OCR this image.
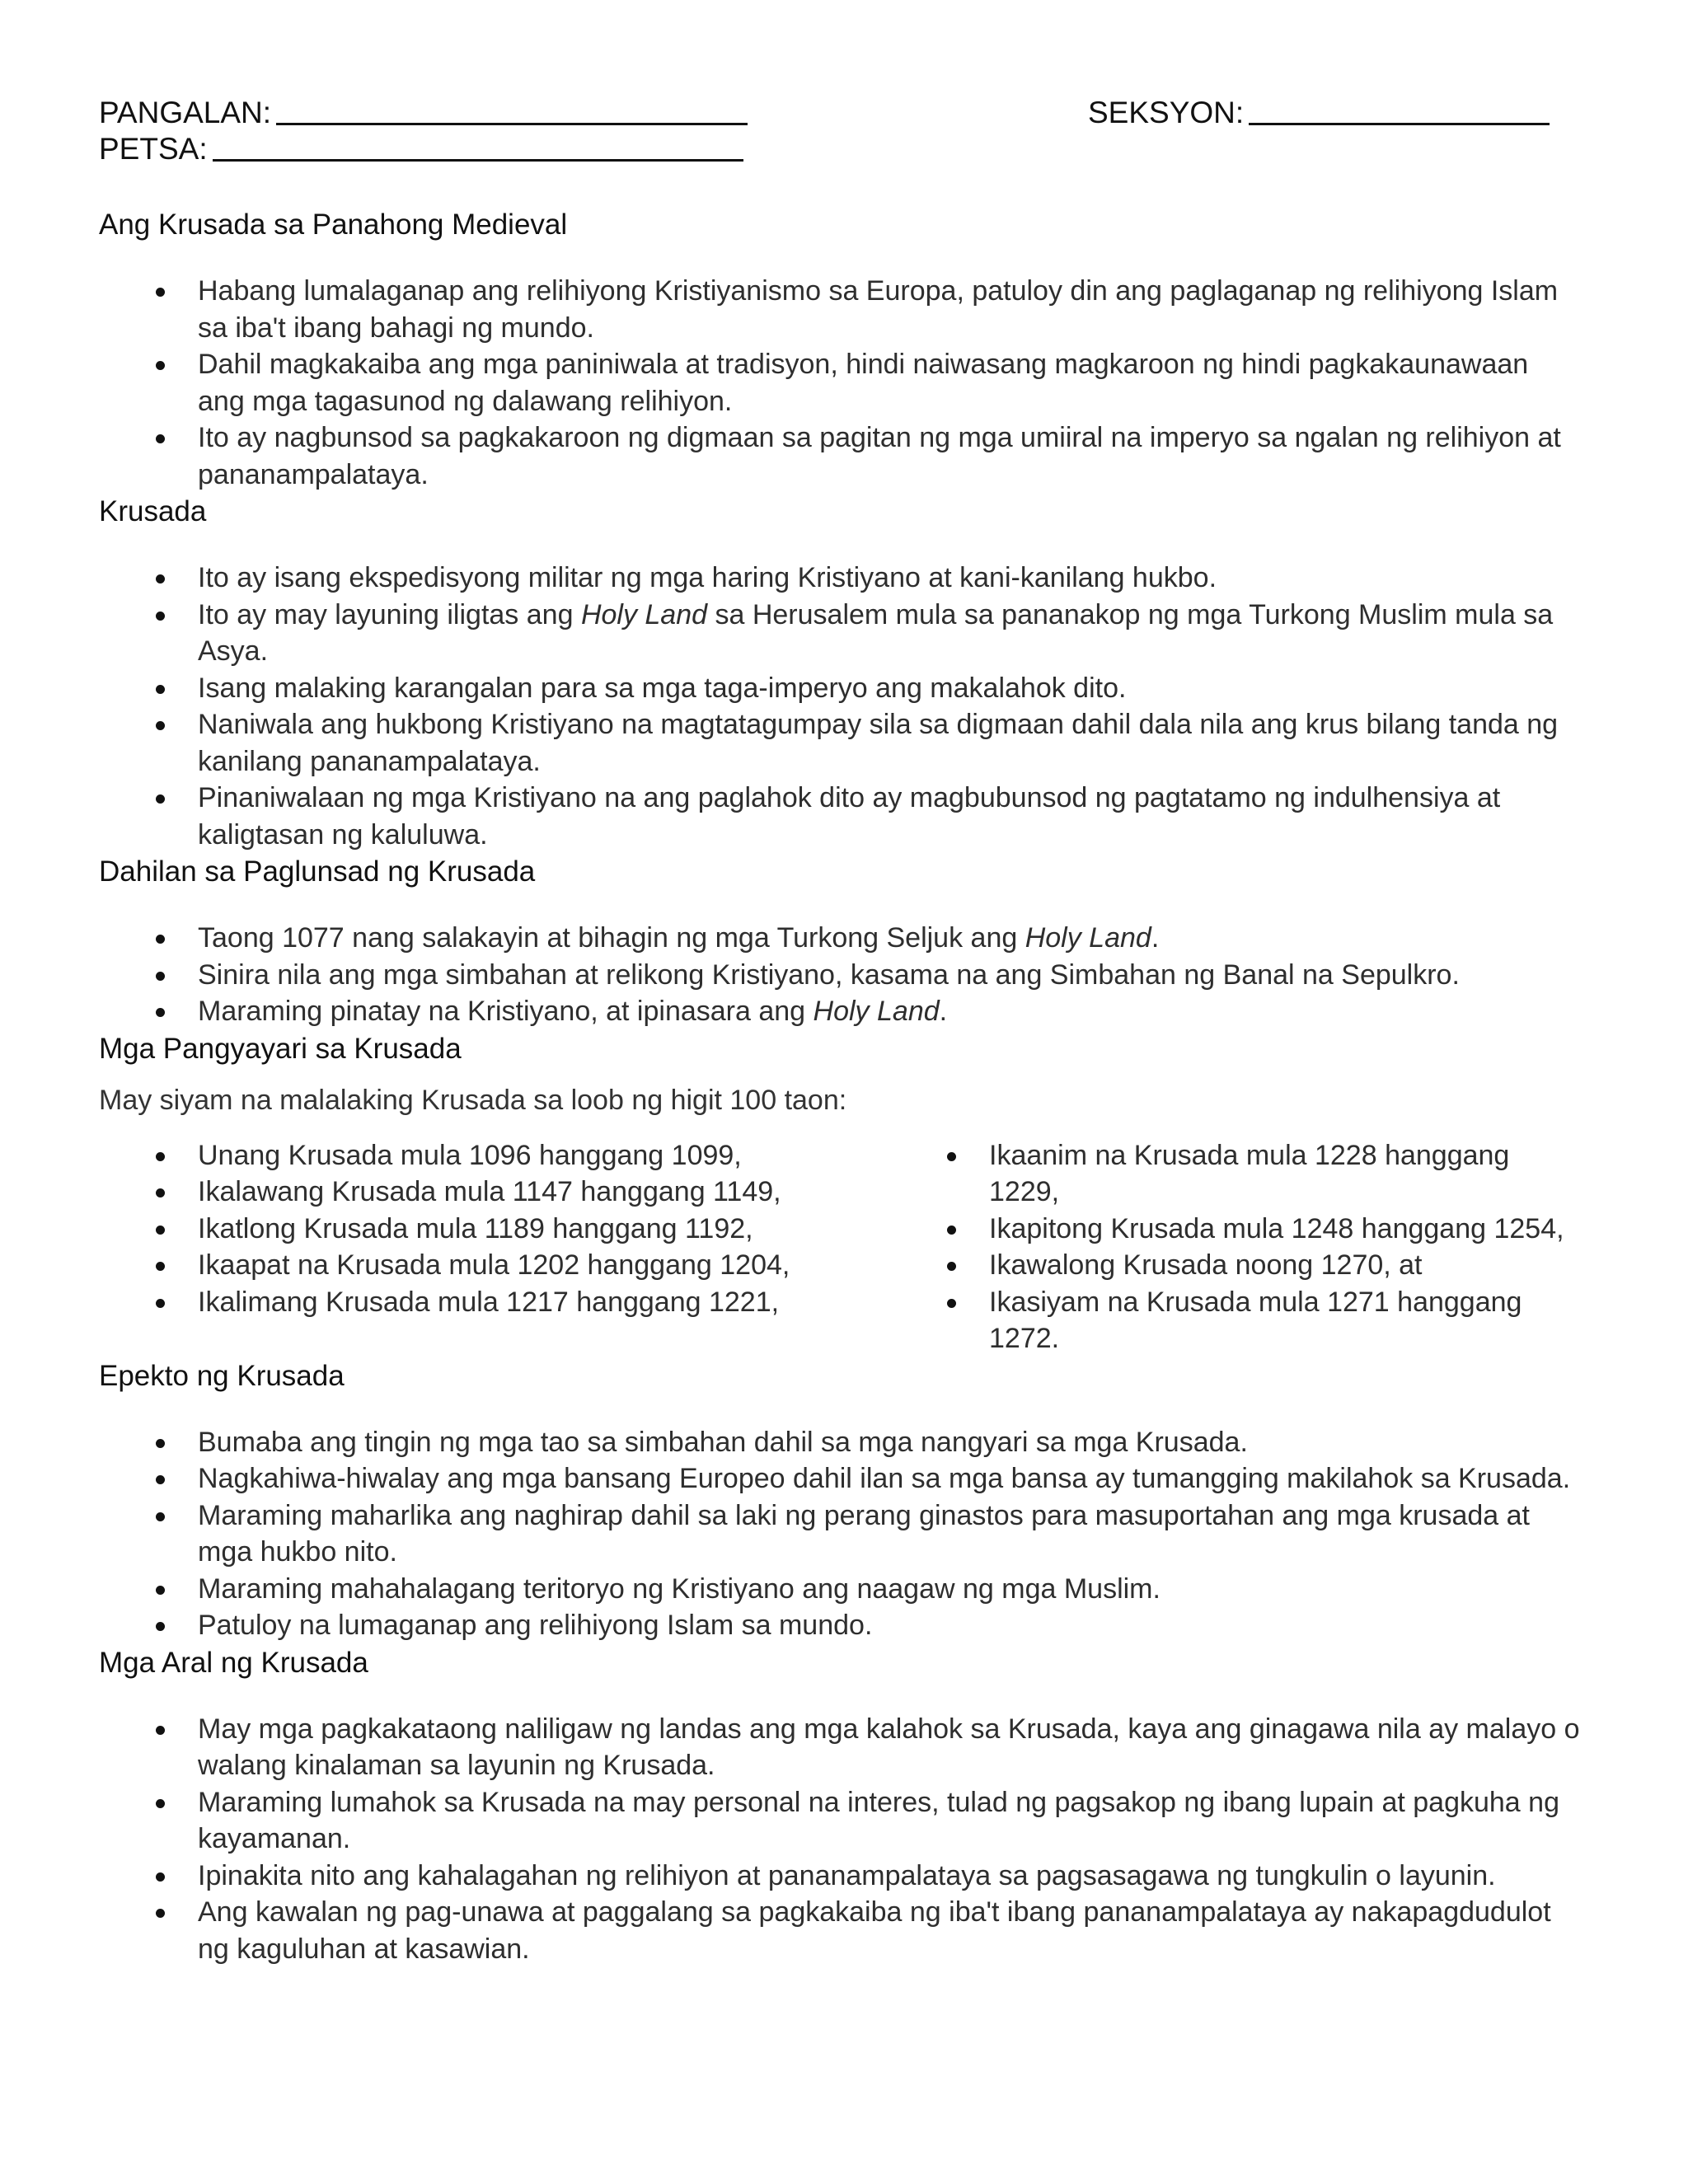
PANGALAN:	SEKSYON:
PETSA:
Ang Krusada sa Panahong Medieval
Habang lumalaganap ang relihiyong Kristiyanismo sa Europa, patuloy din ang paglaganap ng relihiyong Islam sa iba't ibang bahagi ng mundo.
Dahil magkakaiba ang mga paniniwala at tradisyon, hindi naiwasang magkaroon ng hindi pagkakaunawaan ang mga tagasunod ng dalawang relihiyon.
Ito ay nagbunsod sa pagkakaroon ng digmaan sa pagitan ng mga umiiral na imperyo sa ngalan ng relihiyon at pananampalataya.
Krusada
Ito ay isang ekspedisyong militar ng mga haring Kristiyano at kani-kanilang hukbo.
Ito ay may layuning iligtas ang Holy Land sa Herusalem mula sa pananakop ng mga Turkong Muslim mula sa Asya.
Isang malaking karangalan para sa mga taga-imperyo ang makalahok dito.
Naniwala ang hukbong Kristiyano na magtatagumpay sila sa digmaan dahil dala nila ang krus bilang tanda ng kanilang pananampalataya.
Pinaniwalaan ng mga Kristiyano na ang paglahok dito ay magbubunsod ng pagtatamo ng indulhensiya at kaligtasan ng kaluluwa.
Dahilan sa Paglunsad ng Krusada
Taong 1077 nang salakayin at bihagin ng mga Turkong Seljuk ang Holy Land.
Sinira nila ang mga simbahan at relikong Kristiyano, kasama na ang Simbahan ng Banal na Sepulkro.
Maraming pinatay na Kristiyano, at ipinasara ang Holy Land.
Mga Pangyayari sa Krusada

May siyam na malalaking Krusada sa loob ng higit 100 taon:

Unang Krusada mula 1096 hanggang 1099,
Ikalawang Krusada mula 1147 hanggang 1149,
Ikatlong Krusada mula 1189 hanggang 1192,
Ikaapat na Krusada mula 1202 hanggang 1204,
Ikalimang Krusada mula 1217 hanggang 1221,
Ikaanim na Krusada mula 1228 hanggang 1229,
Ikapitong Krusada mula 1248 hanggang 1254,
Ikawalong Krusada noong 1270, at
Ikasiyam na Krusada mula 1271 hanggang 1272.
Epekto ng Krusada
Bumaba ang tingin ng mga tao sa simbahan dahil sa mga nangyari sa mga Krusada.
Nagkahiwa-hiwalay ang mga bansang Europeo dahil ilan sa mga bansa ay tumangging makilahok sa Krusada.
Maraming maharlika ang naghirap dahil sa laki ng perang ginastos para masuportahan ang mga krusada at mga hukbo nito.
Maraming mahahalagang teritoryo ng Kristiyano ang naagaw ng mga Muslim.
Patuloy na lumaganap ang relihiyong Islam sa mundo.
Mga Aral ng Krusada
May mga pagkakataong naliligaw ng landas ang mga kalahok sa Krusada, kaya ang ginagawa nila ay malayo o walang kinalaman sa layunin ng Krusada.
Maraming lumahok sa Krusada na may personal na interes, tulad ng pagsakop ng ibang lupain at pagkuha ng kayamanan.
Ipinakita nito ang kahalagahan ng relihiyon at pananampalataya sa pagsasagawa ng tungkulin o layunin.
Ang kawalan ng pag-unawa at paggalang sa pagkakaiba ng iba't ibang pananampalataya ay nakapagdudulot ng kaguluhan at kasawian.
